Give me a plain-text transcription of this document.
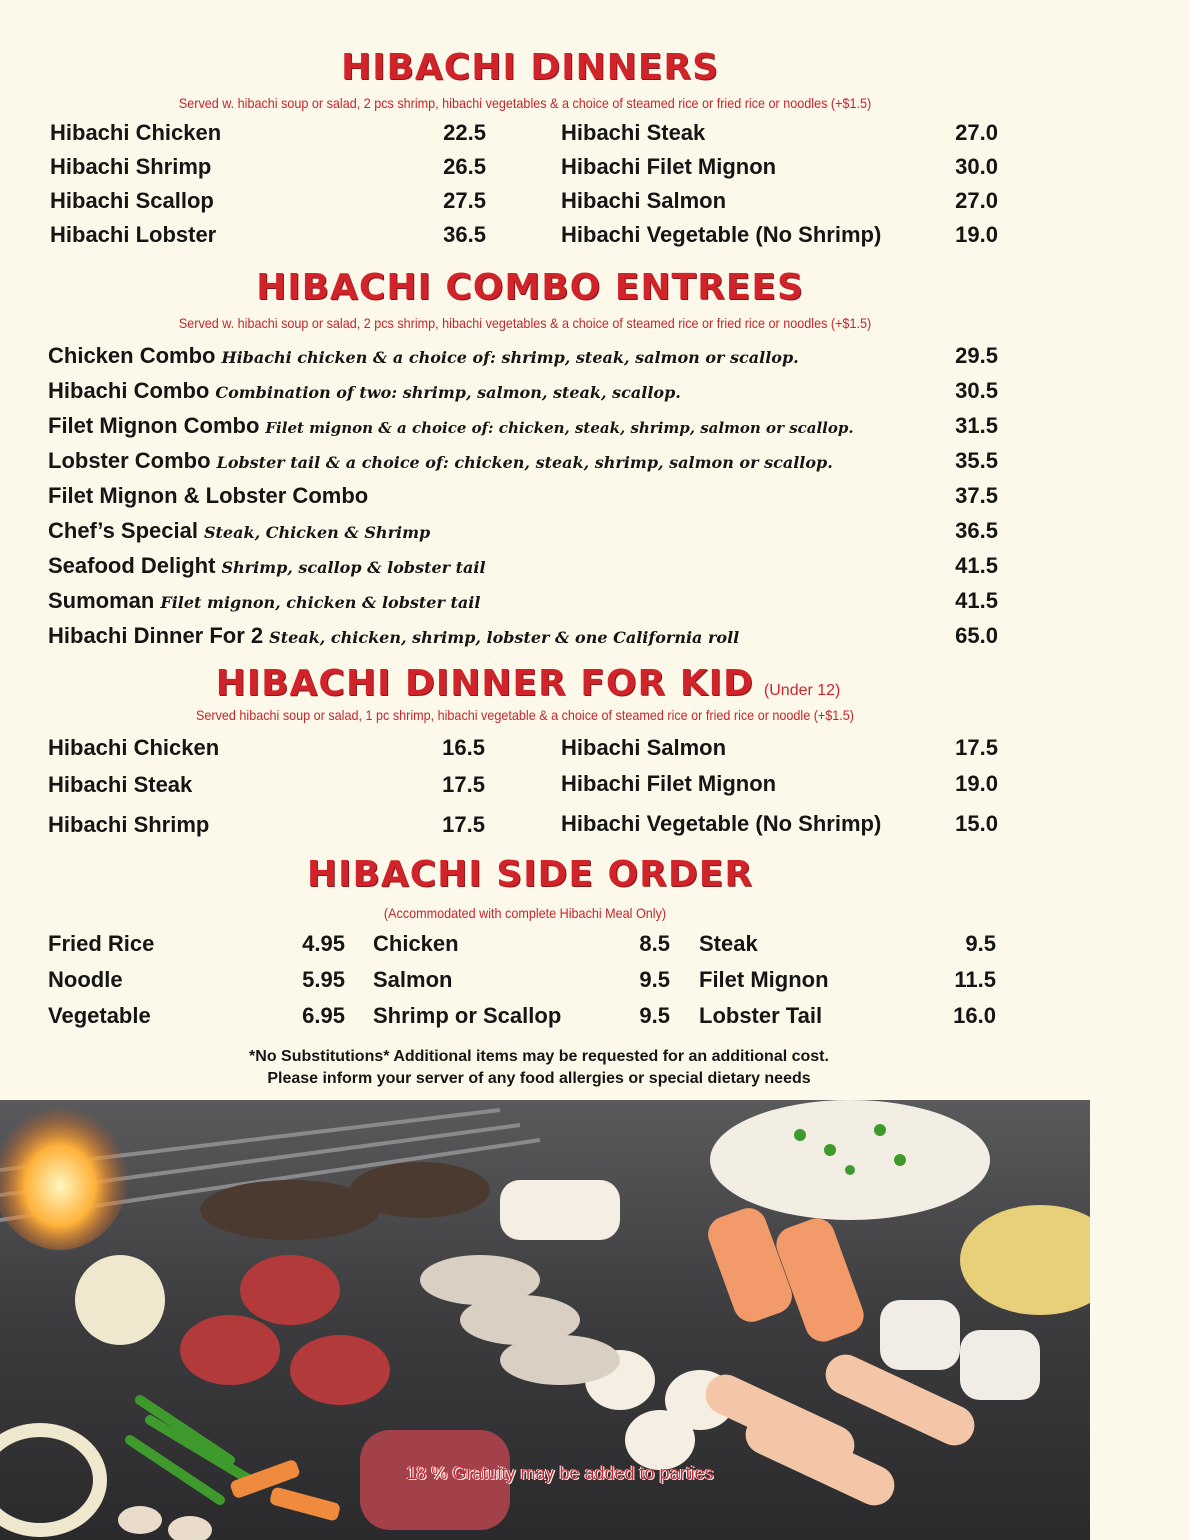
HIBACHI DINNERS
Served w. hibachi soup or salad, 2 pcs shrimp, hibachi vegetables & a choice of steamed rice or fried rice or noodles (+$1.5)
Hibachi Chicken	22.5
Hibachi Shrimp	26.5
Hibachi Scallop	27.5
Hibachi Lobster	36.5
Hibachi Steak	27.0
Hibachi Filet Mignon	30.0
Hibachi Salmon	27.0
Hibachi Vegetable (No Shrimp)	19.0
HIBACHI COMBO ENTREES
Served w. hibachi soup or salad, 2 pcs shrimp, hibachi vegetables & a choice of steamed rice or fried rice or noodles (+$1.5)
Chicken Combo Hibachi chicken & a choice of: shrimp, steak, salmon or scallop.	29.5
Hibachi Combo Combination of two: shrimp, salmon, steak, scallop.	30.5
Filet Mignon Combo Filet mignon & a choice of: chicken, steak, shrimp, salmon or scallop.	31.5
Lobster Combo Lobster tail & a choice of: chicken, steak, shrimp, salmon or scallop.	35.5
Filet Mignon & Lobster Combo	37.5
Chef’s Special Steak, Chicken & Shrimp	36.5
Seafood Delight Shrimp, scallop & lobster tail	41.5
Sumoman Filet mignon, chicken & lobster tail	41.5
Hibachi Dinner For 2 Steak, chicken, shrimp, lobster & one California roll	65.0
HIBACHI DINNER FOR KID (Under 12)
Served hibachi soup or salad, 1 pc shrimp, hibachi vegetable & a choice of steamed rice or fried rice or noodle (+$1.5)
Hibachi Chicken	16.5
Hibachi Steak	17.5
Hibachi Shrimp	17.5
Hibachi Salmon	17.5
Hibachi Filet Mignon	19.0
Hibachi Vegetable (No Shrimp)	15.0
HIBACHI SIDE ORDER
(Accommodated with complete Hibachi Meal Only)
Fried Rice	4.95
Noodle	5.95
Vegetable	6.95
Chicken	8.5
Salmon	9.5
Shrimp or Scallop	9.5
Steak	9.5
Filet Mignon	11.5
Lobster Tail	16.0
*No Substitutions* Additional items may be requested for an additional cost.
Please inform your server of any food allergies or special dietary needs
18 % Gratuity may be added to parties
